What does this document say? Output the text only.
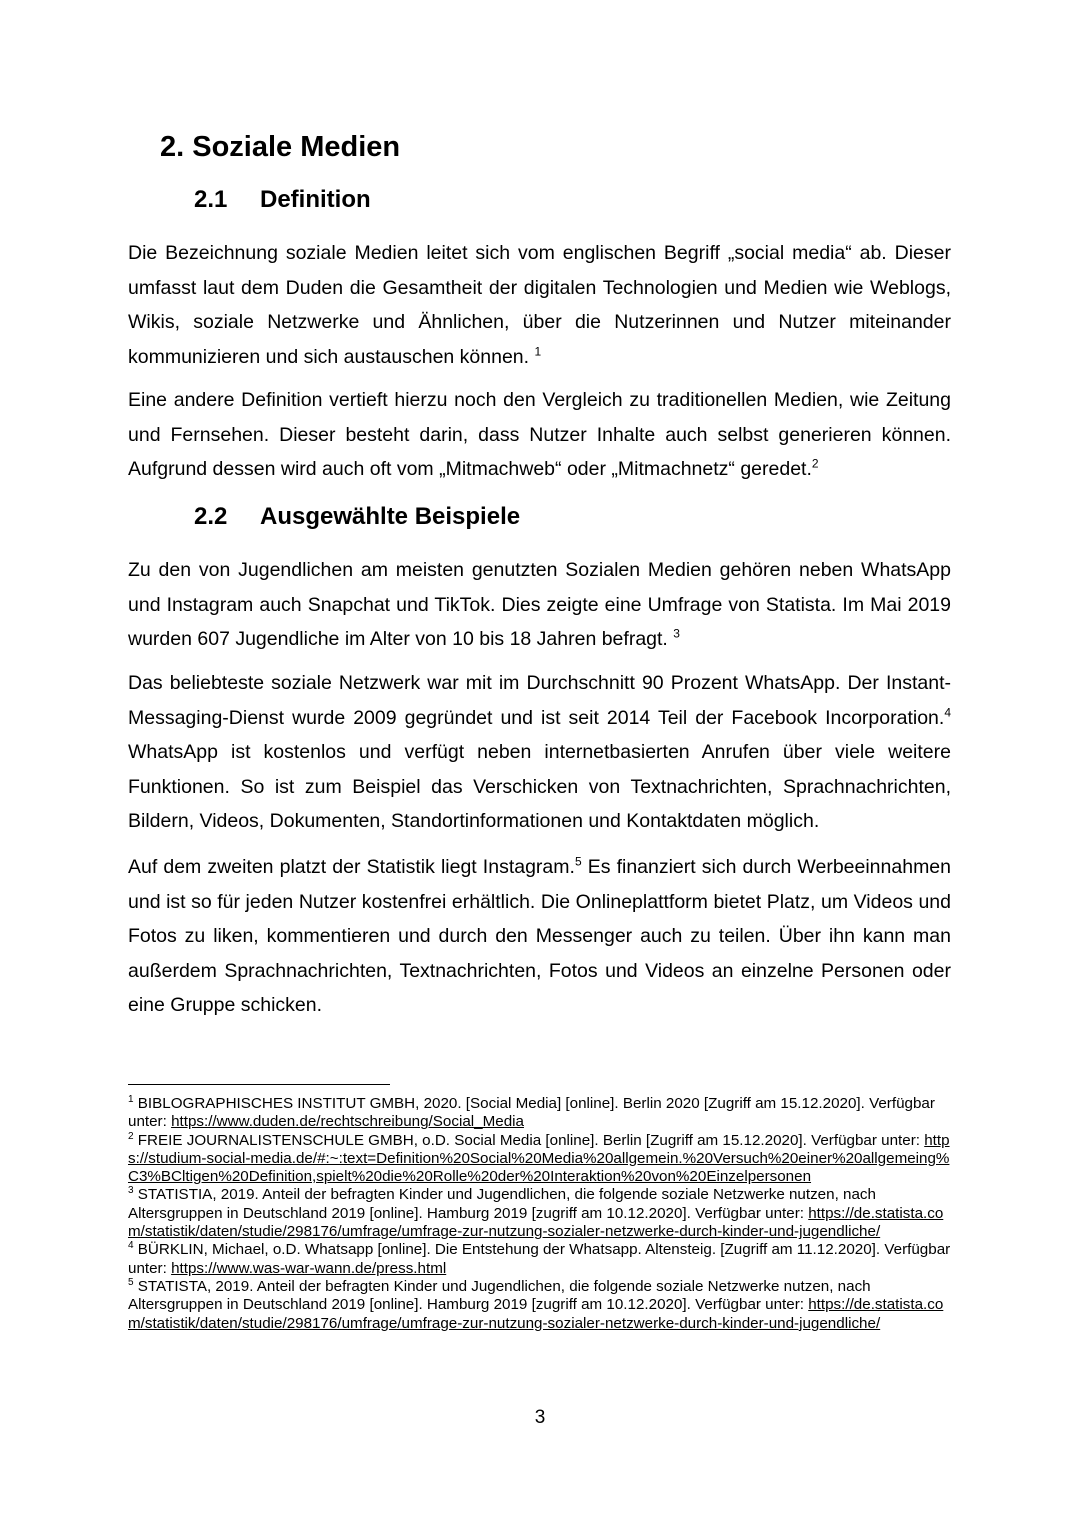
2. Soziale Medien
2.1 Definition

Die Bezeichnung soziale Medien leitet sich vom englischen Begriff „social media“ ab. Dieser umfasst laut dem Duden die Gesamtheit der digitalen Technologien und Medien wie Weblogs, Wikis, soziale Netzwerke und Ähnlichen, über die Nutzerinnen und Nutzer miteinander kommunizieren und sich austauschen können. $^1$

Eine andere Definition vertieft hierzu noch den Vergleich zu traditionellen Medien, wie Zeitung und Fernsehen. Dieser besteht darin, dass Nutzer Inhalte auch selbst generieren können. Aufgrund dessen wird auch oft vom „Mitmachweb“ oder „Mitmachnetz“ geredet.$^2$

2.2 Ausgewählte Beispiele

Zu den von Jugendlichen am meisten genutzten Sozialen Medien gehören neben WhatsApp und Instagram auch Snapchat und TikTok. Dies zeigte eine Umfrage von Statista. Im Mai 2019 wurden 607 Jugendliche im Alter von 10 bis 18 Jahren befragt. $^3$

Das beliebteste soziale Netzwerk war mit im Durchschnitt 90 Prozent WhatsApp. Der Instant-Messaging-Dienst wurde 2009 gegründet und ist seit 2014 Teil der Facebook Incorporation.$^4$ WhatsApp ist kostenlos und verfügt neben internetbasierten Anrufen über viele weitere Funktionen. So ist zum Beispiel das Verschicken von Textnachrichten, Sprachnachrichten, Bildern, Videos, Dokumenten, Standortinformationen und Kontaktdaten möglich.

Auf dem zweiten platzt der Statistik liegt Instagram.$^5$ Es finanziert sich durch Werbeeinnahmen und ist so für jeden Nutzer kostenfrei erhältlich. Die Onlineplattform bietet Platz, um Videos und Fotos zu liken, kommentieren und durch den Messenger auch zu teilen. Über ihn kann man außerdem Sprachnachrichten, Textnachrichten, Fotos und Videos an einzelne Personen oder eine Gruppe schicken.

$^1$ BIBLOGRAPHISCHES INSTITUT GMBH, 2020. [Social Media] [online]. Berlin 2020 [Zugriff am 15.12.2020]. Verfügbar unter: https://www.duden.de/rechtschreibung/Social_Media

$^2$ FREIE JOURNALISTENSCHULE GMBH, o.D. Social Media [online]. Berlin [Zugriff am 15.12.2020]. Verfügbar unter: https://studium-social-media.de/#:~:text=Definition%20Social%20Media%20allgemein.%20Versuch%20einer%20allgemeing%C3%BCltigen%20Definition,spielt%20die%20Rolle%20der%20Interaktion%20von%20Einzelpersonen

$^3$ STATISTIA, 2019. Anteil der befragten Kinder und Jugendlichen, die folgende soziale Netzwerke nutzen, nach Altersgruppen in Deutschland 2019 [online]. Hamburg 2019 [zugriff am 10.12.2020]. Verfügbar unter: https://de.statista.com/statistik/daten/studie/298176/umfrage/umfrage-zur-nutzung-sozialer-netzwerke-durch-kinder-und-jugendliche/

$^4$ BÜRKLIN, Michael, o.D. Whatsapp [online]. Die Entstehung der Whatsapp. Altensteig. [Zugriff am 11.12.2020]. Verfügbar unter: https://www.was-war-wann.de/press.html

$^5$ STATISTA, 2019. Anteil der befragten Kinder und Jugendlichen, die folgende soziale Netzwerke nutzen, nach Altersgruppen in Deutschland 2019 [online]. Hamburg 2019 [zugriff am 10.12.2020]. Verfügbar unter: https://de.statista.com/statistik/daten/studie/298176/umfrage/umfrage-zur-nutzung-sozialer-netzwerke-durch-kinder-und-jugendliche/

3
